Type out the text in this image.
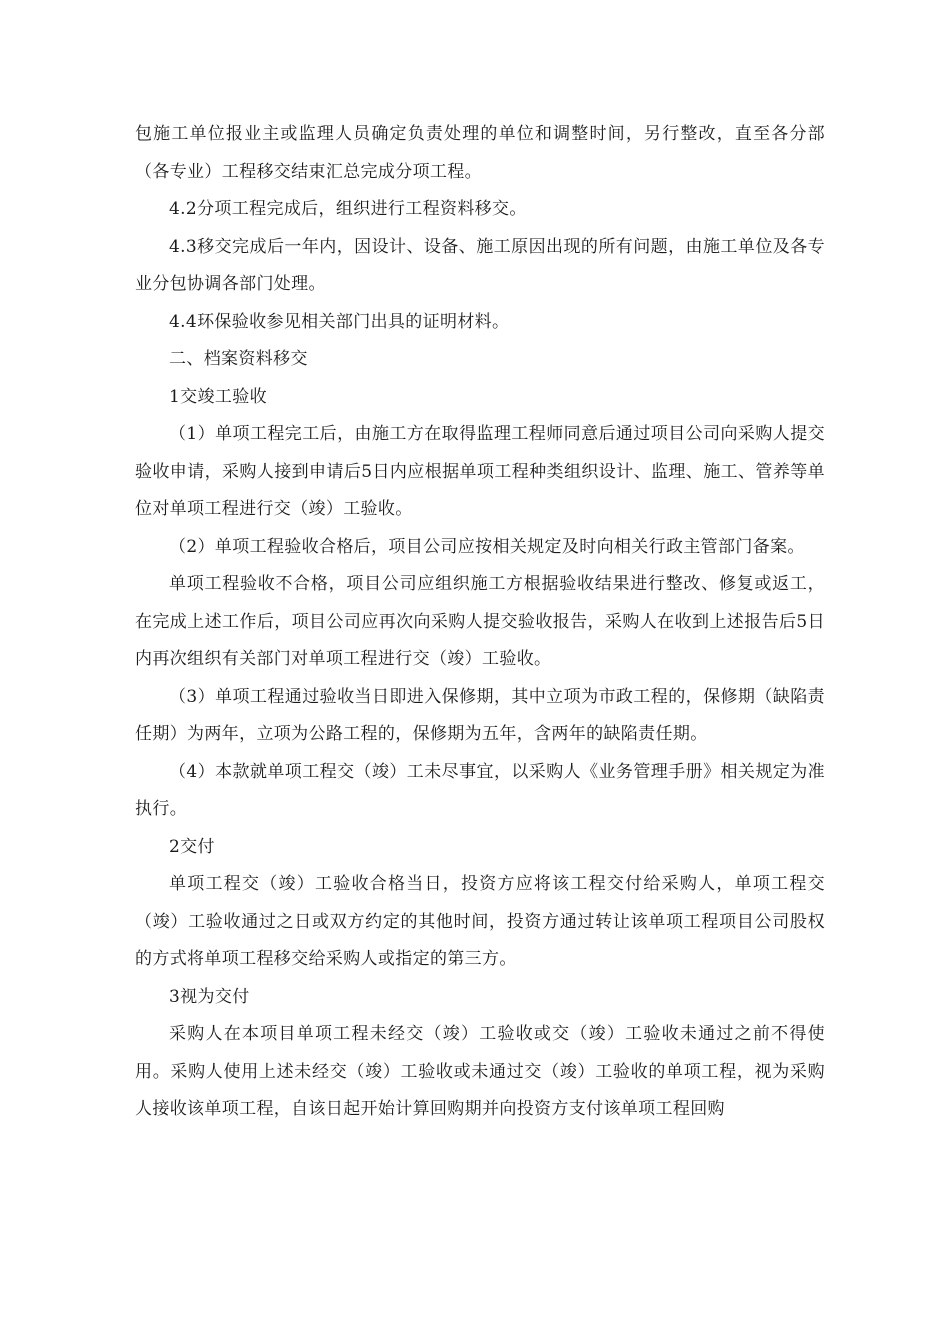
包施工单位报业主或监理人员确定负责处理的单位和调整时间，另行整改，直至各分部（各专业）工程移交结束汇总完成分项工程。

4.2分项工程完成后，组织进行工程资料移交。

4.3移交完成后一年内，因设计、设备、施工原因出现的所有问题，由施工单位及各专业分包协调各部门处理。

4.4环保验收参见相关部门出具的证明材料。

二、档案资料移交

1交竣工验收

（1）单项工程完工后，由施工方在取得监理工程师同意后通过项目公司向采购人提交验收申请，采购人接到申请后5日内应根据单项工程种类组织设计、监理、施工、管养等单位对单项工程进行交（竣）工验收。

（2）单项工程验收合格后，项目公司应按相关规定及时向相关行政主管部门备案。

单项工程验收不合格，项目公司应组织施工方根据验收结果进行整改、修复或返工，在完成上述工作后，项目公司应再次向采购人提交验收报告，采购人在收到上述报告后5日内再次组织有关部门对单项工程进行交（竣）工验收。

（3）单项工程通过验收当日即进入保修期，其中立项为市政工程的，保修期（缺陷责任期）为两年，立项为公路工程的，保修期为五年，含两年的缺陷责任期。

（4）本款就单项工程交（竣）工未尽事宜，以采购人《业务管理手册》相关规定为准执行。

2交付

单项工程交（竣）工验收合格当日，投资方应将该工程交付给采购人，单项工程交（竣）工验收通过之日或双方约定的其他时间，投资方通过转让该单项工程项目公司股权的方式将单项工程移交给采购人或指定的第三方。

3视为交付

采购人在本项目单项工程未经交（竣）工验收或交（竣）工验收未通过之前不得使用。采购人使用上述未经交（竣）工验收或未通过交（竣）工验收的单项工程，视为采购人接收该单项工程，自该日起开始计算回购期并向投资方支付该单项工程回购
